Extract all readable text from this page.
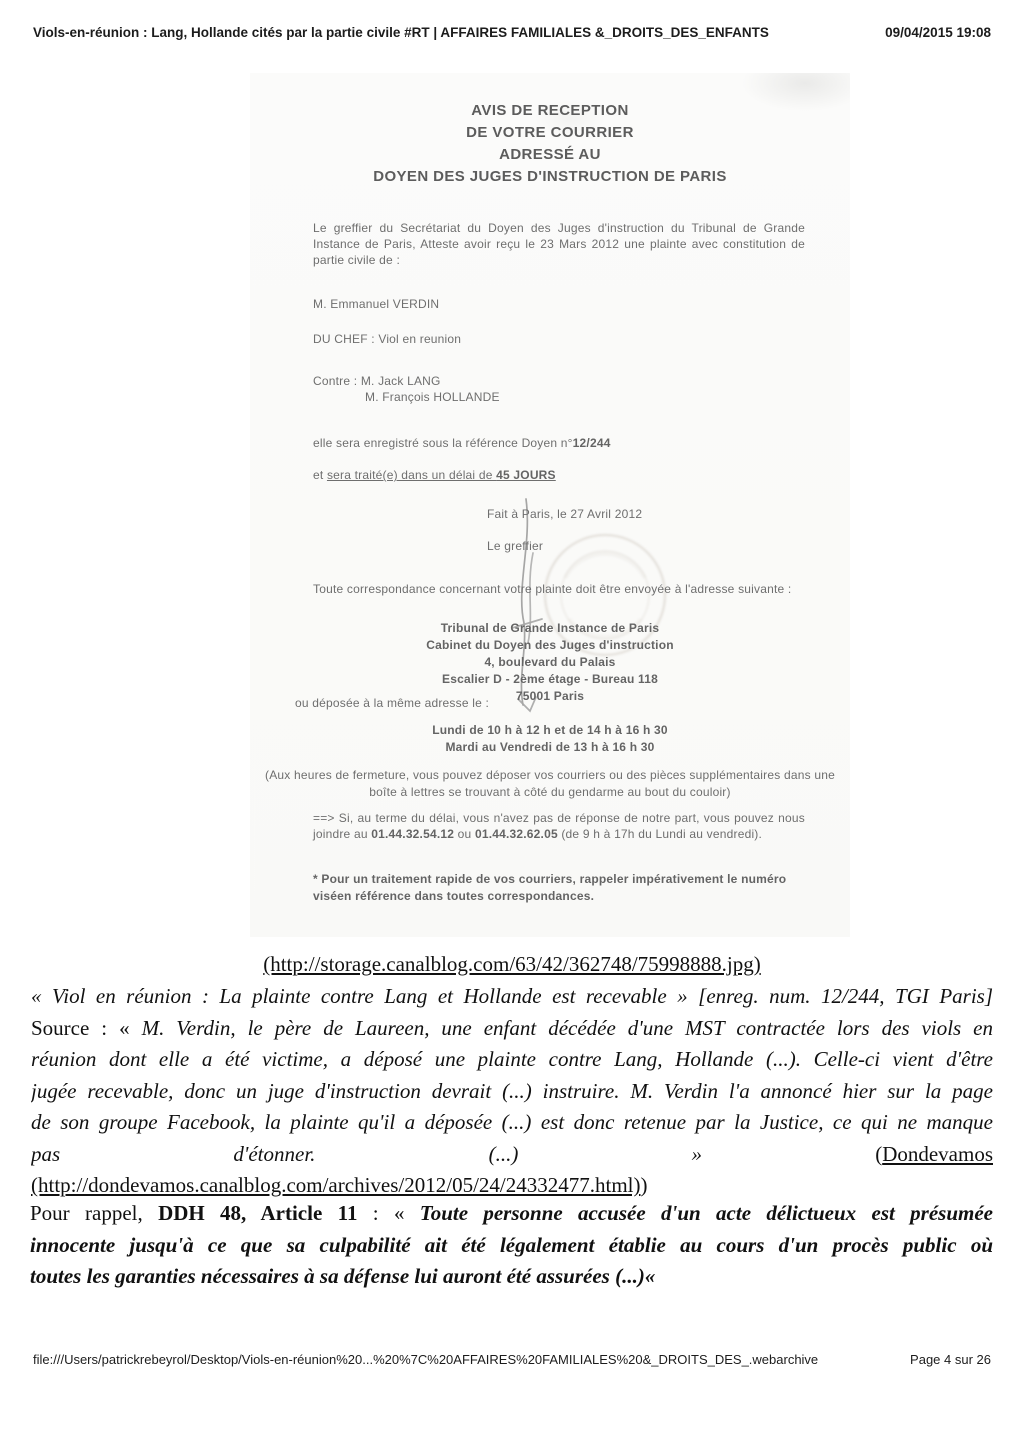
Viols-en-réunion : Lang, Hollande cités par la partie civile #RT | AFFAIRES FAMILIALES &_DROITS_DES_ENFANTS	09/04/2015 19:08
AVIS DE RECEPTION
DE VOTRE COURRIER
ADRESSÉ AU
DOYEN DES JUGES D'INSTRUCTION DE PARIS
Le greffier du Secrétariat du Doyen des Juges d'instruction du Tribunal de Grande Instance de Paris, Atteste avoir reçu le 23 Mars 2012 une plainte avec constitution de partie civile de :
M. Emmanuel VERDIN
DU CHEF : Viol en reunion
Contre : M. Jack LANG
M. François HOLLANDE
elle sera enregistré sous la référence Doyen n°12/244
et sera traité(e) dans un délai de 45 JOURS
Fait à Paris, le 27 Avril 2012
Le greffier
Toute correspondance concernant votre plainte doit être envoyée à l'adresse suivante :
Tribunal de Grande Instance de Paris
Cabinet du Doyen des Juges d'instruction
4, boulevard du Palais
Escalier D - 2ème étage - Bureau 118
75001 Paris
ou déposée à la même adresse le :
Lundi de 10 h à 12 h et de 14 h à 16 h 30
Mardi au Vendredi de 13 h à 16 h 30
(Aux heures de fermeture, vous pouvez déposer vos courriers ou des pièces supplémentaires dans une boîte à lettres se trouvant à côté du gendarme au bout du couloir)
==> Si, au terme du délai, vous n'avez pas de réponse de notre part, vous pouvez nous joindre au 01.44.32.54.12 ou 01.44.32.62.05 (de 9 h à 17h du Lundi au vendredi).
* Pour un traitement rapide de vos courriers, rappeler impérativement le numéro viséen référence dans toutes correspondances.
(http://storage.canalblog.com/63/42/362748/75998888.jpg)
« Viol en réunion : La plainte contre Lang et Hollande est recevable » [enreg. num. 12/244, TGI Paris]
Source : « M. Verdin, le père de Laureen, une enfant décédée d'une MST contractée lors des viols en
réunion dont elle a été victime, a déposé une plainte contre Lang, Hollande (...). Celle-ci vient d'être
jugée recevable, donc un juge d'instruction devrait (...) instruire. M. Verdin l'a annoncé hier sur la page
de son groupe Facebook, la plainte qu'il a déposée (...) est donc retenue par la Justice, ce qui ne manque
pas	d'étonner.	(...)	»	(Dondevamos
(http://dondevamos.canalblog.com/archives/2012/05/24/24332477.html))
Pour rappel, DDH 48, Article 11 : « Toute personne accusée d'un acte délictueux est présumée
innocente jusqu'à ce que sa culpabilité ait été légalement établie au cours d'un procès public où
toutes les garanties nécessaires à sa défense lui auront été assurées (...)«
file:///Users/patrickrebeyrol/Desktop/Viols-en-réunion%20...%20%7C%20AFFAIRES%20FAMILIALES%20&_DROITS_DES_.webarchive	Page 4 sur 26
